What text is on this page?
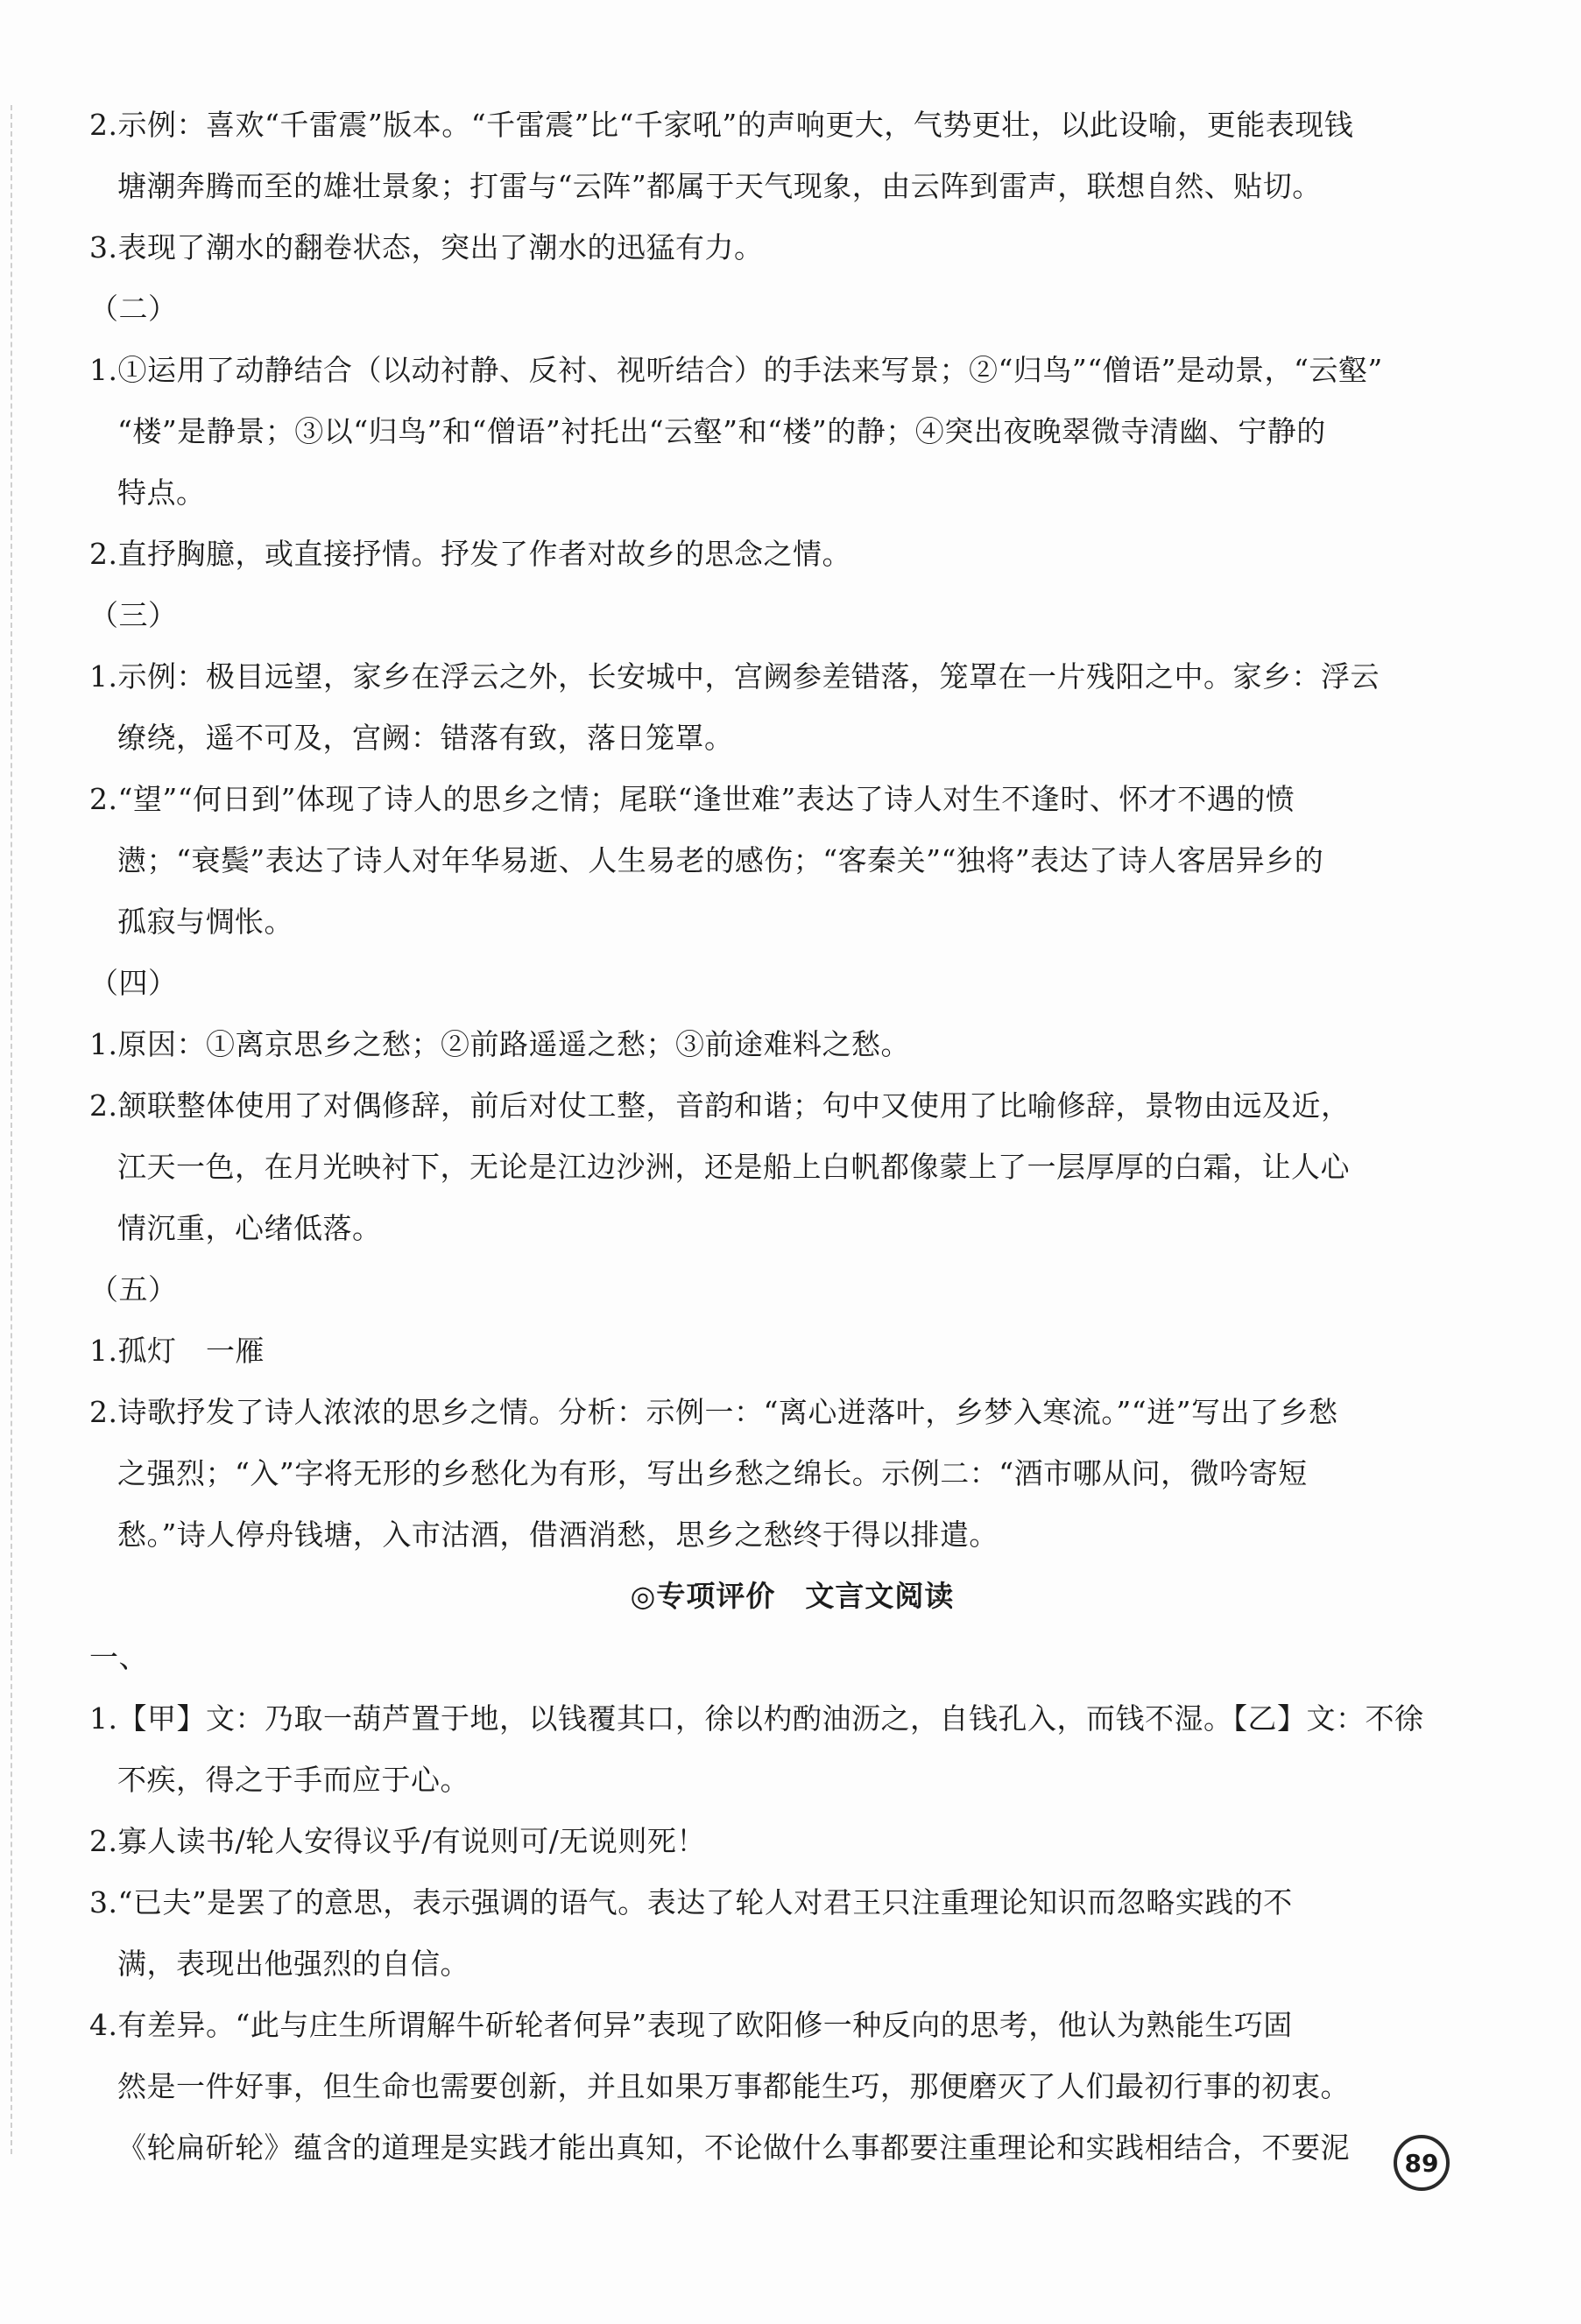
2.示例：喜欢“千雷震”版本。“千雷震”比“千家吼”的声响更大，气势更壮，以此设喻，更能表现钱
塘潮奔腾而至的雄壮景象；打雷与“云阵”都属于天气现象，由云阵到雷声，联想自然、贴切。
3.表现了潮水的翻卷状态，突出了潮水的迅猛有力。
（二）
1.①运用了动静结合（以动衬静、反衬、视听结合）的手法来写景；②“归鸟”“僧语”是动景，“云壑”
“楼”是静景；③以“归鸟”和“僧语”衬托出“云壑”和“楼”的静；④突出夜晚翠微寺清幽、宁静的
特点。
2.直抒胸臆，或直接抒情。抒发了作者对故乡的思念之情。
（三）
1.示例：极目远望，家乡在浮云之外，长安城中，宫阙参差错落，笼罩在一片残阳之中。家乡：浮云
缭绕，遥不可及，宫阙：错落有致，落日笼罩。
2.“望”“何日到”体现了诗人的思乡之情；尾联“逢世难”表达了诗人对生不逢时、怀才不遇的愤
懑；“衰鬓”表达了诗人对年华易逝、人生易老的感伤；“客秦关”“独将”表达了诗人客居异乡的
孤寂与惆怅。
（四）
1.原因：①离京思乡之愁；②前路遥遥之愁；③前途难料之愁。
2.颔联整体使用了对偶修辞，前后对仗工整，音韵和谐；句中又使用了比喻修辞，景物由远及近，
江天一色，在月光映衬下，无论是江边沙洲，还是船上白帆都像蒙上了一层厚厚的白霜，让人心
情沉重，心绪低落。
（五）
1.孤灯　一雁
2.诗歌抒发了诗人浓浓的思乡之情。分析：示例一：“离心迸落叶，乡梦入寒流。”“迸”写出了乡愁
之强烈；“入”字将无形的乡愁化为有形，写出乡愁之绵长。示例二：“酒市哪从问，微吟寄短
愁。”诗人停舟钱塘，入市沽酒，借酒消愁，思乡之愁终于得以排遣。
◎专项评价　文言文阅读
一、
1.【甲】文：乃取一葫芦置于地，以钱覆其口，徐以杓酌油沥之，自钱孔入，而钱不湿。【乙】文：不徐
不疾，得之于手而应于心。
2.寡人读书/轮人安得议乎/有说则可/无说则死！
3.“已夫”是罢了的意思，表示强调的语气。表达了轮人对君王只注重理论知识而忽略实践的不
满，表现出他强烈的自信。
4.有差异。“此与庄生所谓解牛斫轮者何异”表现了欧阳修一种反向的思考，他认为熟能生巧固
然是一件好事，但生命也需要创新，并且如果万事都能生巧，那便磨灭了人们最初行事的初衷。
《轮扁斫轮》蕴含的道理是实践才能出真知，不论做什么事都要注重理论和实践相结合，不要泥	89
